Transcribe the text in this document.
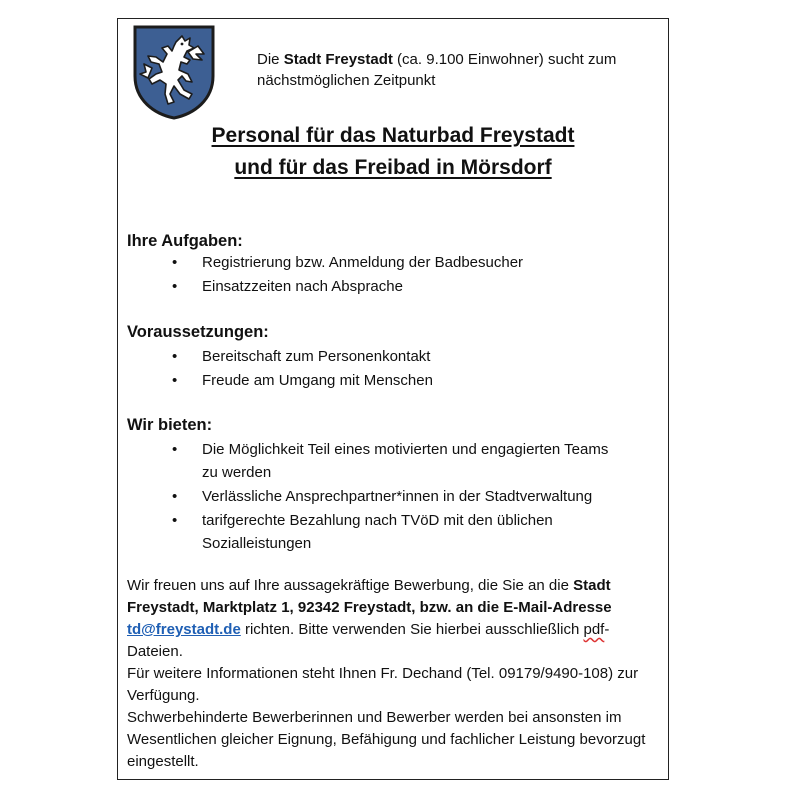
Die Stadt Freystadt (ca. 9.100 Einwohner) sucht zum nächstmöglichen Zeitpunkt
Personal für das Naturbad Freystadt
und für das Freibad in Mörsdorf
Ihre Aufgaben:
• Registrierung bzw. Anmeldung der Badbesucher
• Einsatzzeiten nach Absprache
Voraussetzungen:
• Bereitschaft zum Personenkontakt
• Freude am Umgang mit Menschen
Wir bieten:
• Die Möglichkeit Teil eines motivierten und engagierten Teams zu werden
• Verlässliche Ansprechpartner*innen in der Stadtverwaltung
• tarifgerechte Bezahlung nach TVöD mit den üblichen Sozialleistungen

Wir freuen uns auf Ihre aussagekräftige Bewerbung, die Sie an die Stadt Freystadt, Marktplatz 1, 92342 Freystadt, bzw. an die E-Mail-Adresse td@freystadt.de richten. Bitte verwenden Sie hierbei ausschließlich pdf-Dateien.

Für weitere Informationen steht Ihnen Fr. Dechand (Tel. 09179/9490-108) zur Verfügung.

Schwerbehinderte Bewerberinnen und Bewerber werden bei ansonsten im Wesentlichen gleicher Eignung, Befähigung und fachlicher Leistung bevorzugt eingestellt.
